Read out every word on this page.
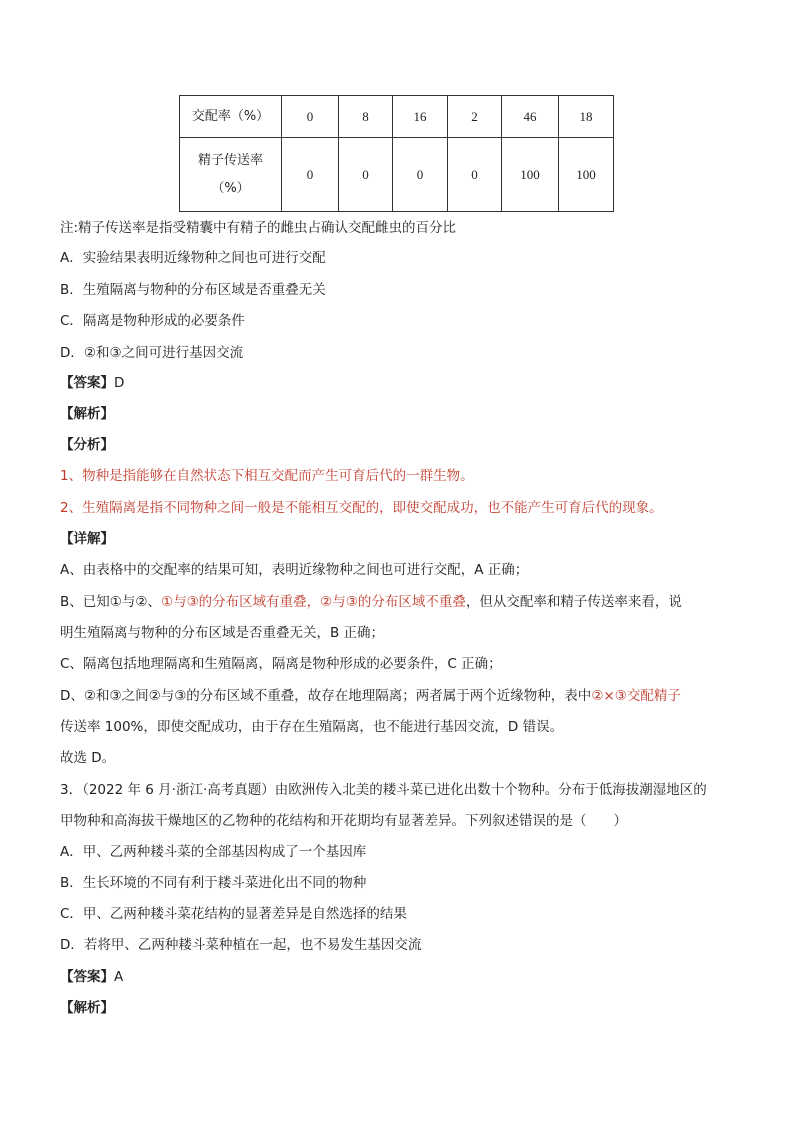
交配率（%）	0	8	16	2	46	18

精子传送率
（%）	0	0	0	0	100	100
注:精子传送率是指受精囊中有精子的雌虫占确认交配雌虫的百分比
A．实验结果表明近缘物种之间也可进行交配
B．生殖隔离与物种的分布区域是否重叠无关
C．隔离是物种形成的必要条件
D．②和③之间可进行基因交流
【答案】D
【解析】
【分析】
1、物种是指能够在自然状态下相互交配而产生可育后代的一群生物。
2、生殖隔离是指不同物种之间一般是不能相互交配的，即使交配成功，也不能产生可育后代的现象。
【详解】
A、由表格中的交配率的结果可知，表明近缘物种之间也可进行交配，A 正确；
B、已知①与②、①与③的分布区域有重叠，②与③的分布区域不重叠，但从交配率和精子传送率来看，说
明生殖隔离与物种的分布区域是否重叠无关，B 正确；
C、隔离包括地理隔离和生殖隔离，隔离是物种形成的必要条件，C 正确；
D、②和③之间②与③的分布区域不重叠，故存在地理隔离；两者属于两个近缘物种，表中②×③交配精子
传送率 100%，即使交配成功，由于存在生殖隔离，也不能进行基因交流，D 错误。
故选 D。
3．（2022 年 6 月·浙江·高考真题）由欧洲传入北美的耧斗菜已进化出数十个物种。分布于低海拔潮湿地区的
甲物种和高海拔干燥地区的乙物种的花结构和开花期均有显著差异。下列叙述错误的是（　　）
A．甲、乙两种耧斗菜的全部基因构成了一个基因库
B．生长环境的不同有利于耧斗菜进化出不同的物种
C．甲、乙两种耧斗菜花结构的显著差异是自然选择的结果
D．若将甲、乙两种耧斗菜种植在一起，也不易发生基因交流
【答案】A
【解析】
